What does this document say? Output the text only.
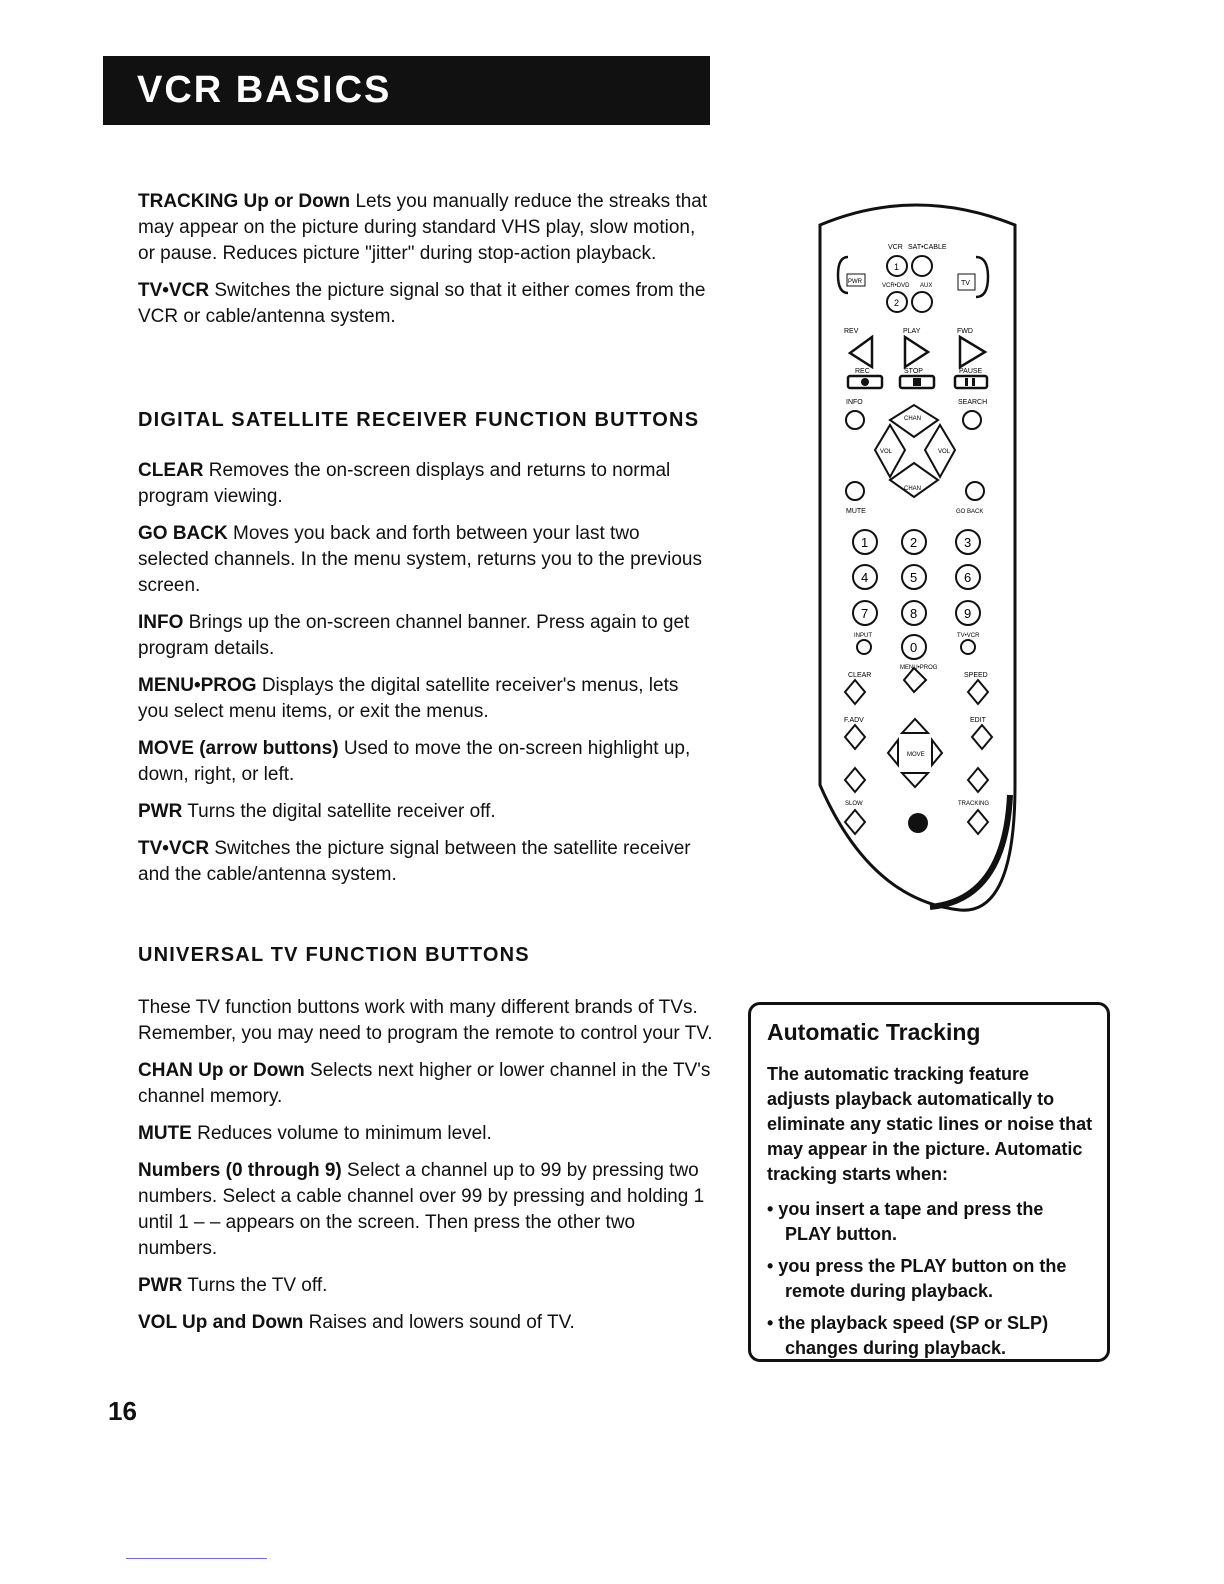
VCR BASICS

TRACKING Up or Down Lets you manually reduce the streaks that may appear on the picture during standard VHS play, slow motion, or pause. Reduces picture "jitter" during stop-action playback.

TV•VCR Switches the picture signal so that it either comes from the VCR or cable/antenna system.

DIGITAL SATELLITE RECEIVER FUNCTION BUTTONS

CLEAR Removes the on-screen displays and returns to normal program viewing.

GO BACK Moves you back and forth between your last two selected channels. In the menu system, returns you to the previous screen.

INFO Brings up the on-screen channel banner. Press again to get program details.

MENU•PROG Displays the digital satellite receiver's menus, lets you select menu items, or exit the menus.

MOVE (arrow buttons) Used to move the on-screen highlight up, down, right, or left.

PWR Turns the digital satellite receiver off.

TV•VCR Switches the picture signal between the satellite receiver and the cable/antenna system.

UNIVERSAL TV FUNCTION BUTTONS

These TV function buttons work with many different brands of TVs. Remember, you may need to program the remote to control your TV.

CHAN Up or Down Selects next higher or lower channel in the TV's channel memory.

MUTE Reduces volume to minimum level.

Numbers (0 through 9) Select a channel up to 99 by pressing two numbers. Select a cable channel over 99 by pressing and holding 1 until 1 – – appears on the screen. Then press the other two numbers.

PWR Turns the TV off.

VOL Up and Down Raises and lowers sound of TV.

VCR SAT•CABLE
1
PWR
VCR•DVD AUX	TV
2
REV	PLAY	FWD
REC	STOP	PAUSE
INFO	SEARCH
CHAN
VOL	VOL
CHAN
MUTE	GO BACK
1	2	3
4	5	6
7	8	9
0
INPUT	TV•VCR
CLEAR
MENU•PROG
SPEED
F.ADV
MOVE
EDIT
SLOW	TRACKING
Automatic Tracking

The automatic tracking feature adjusts playback automatically to eliminate any static lines or noise that may appear in the picture. Automatic tracking starts when:

• you insert a tape and press the PLAY button.
• you press the PLAY button on the remote during playback.
• the playback speed (SP or SLP) changes during playback.
16
